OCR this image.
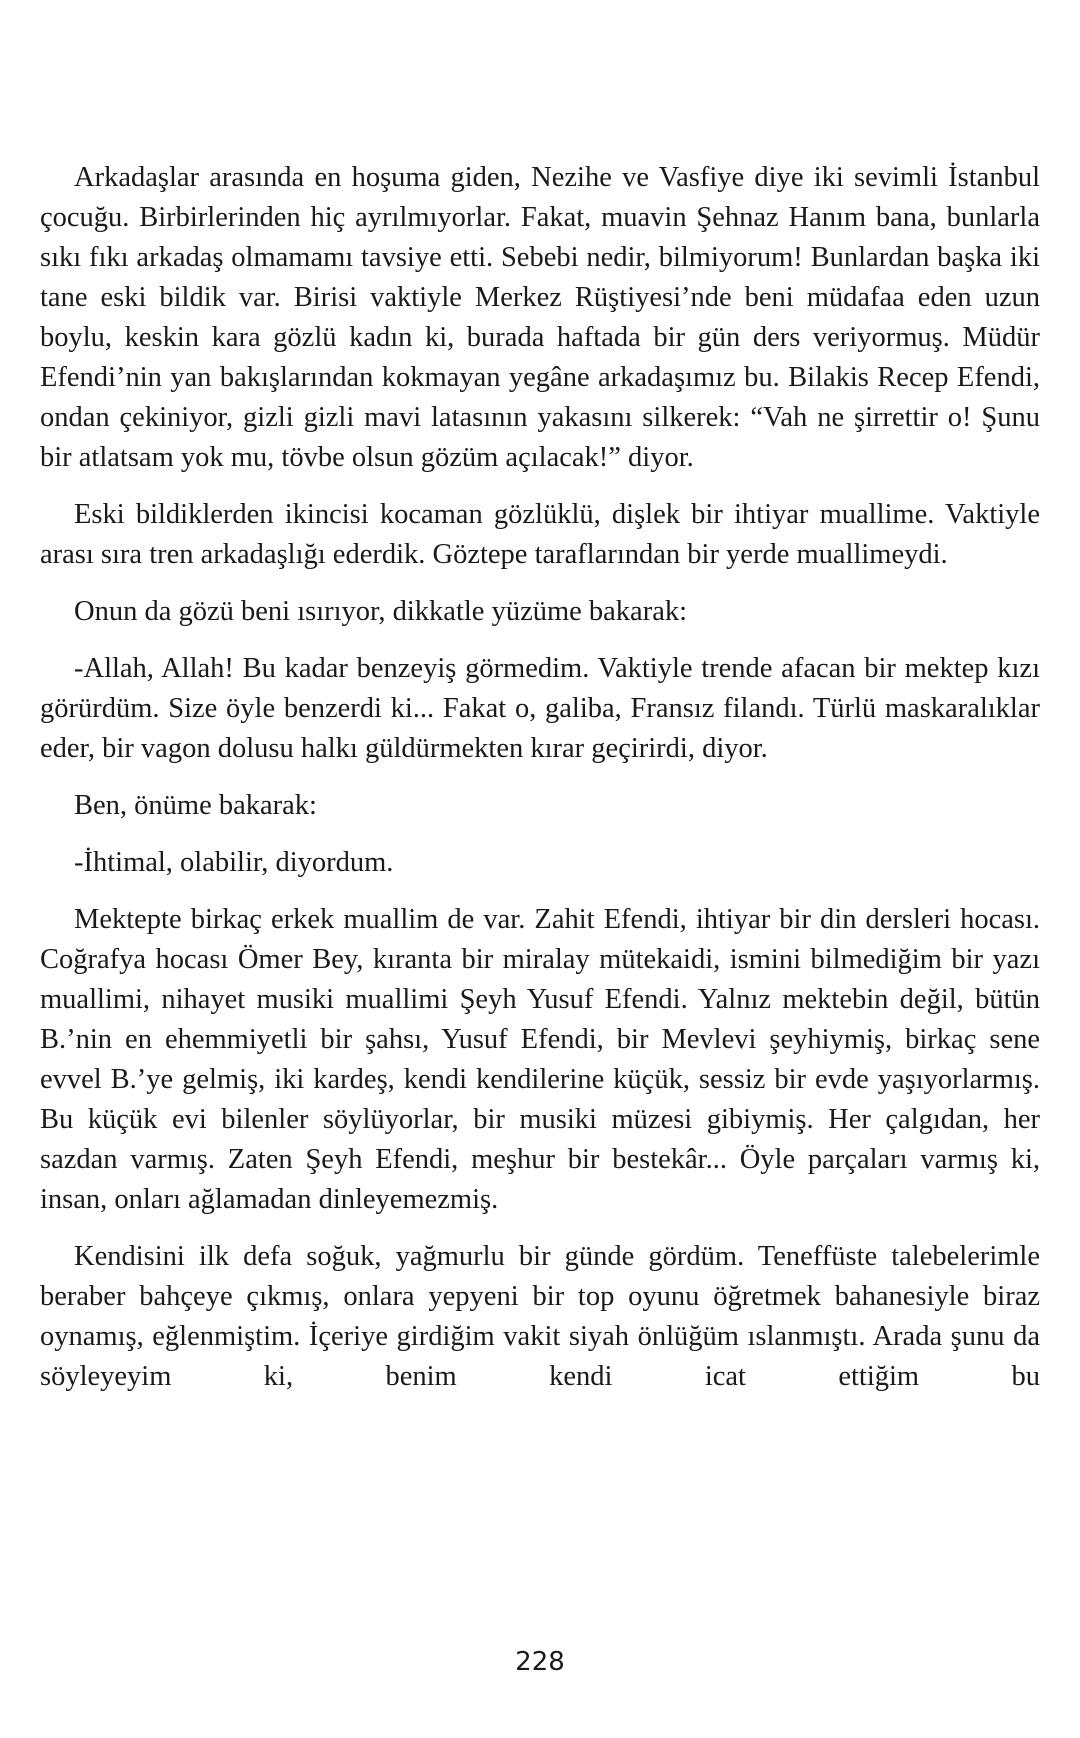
Arkadaşlar arasında en hoşuma giden, Nezihe ve Vasfiye diye iki sevimli İstanbul çocuğu. Birbirlerinden hiç ayrılmıyorlar. Fakat, muavin Şehnaz Hanım bana, bunlarla sıkı fıkı arkadaş olmamamı tavsiye etti. Sebebi nedir, bilmiyorum! Bunlardan başka iki tane eski bildik var. Birisi vaktiyle Merkez Rüştiyesi’nde beni müdafaa eden uzun boylu, keskin kara gözlü kadın ki, burada haftada bir gün ders veriyormuş. Müdür Efendi’nin yan bakışlarından kokmayan yegâne arkadaşımız bu. Bilakis Recep Efendi, ondan çekiniyor, gizli gizli mavi latasının yakasını silkerek: “Vah ne şirrettir o! Şunu bir atlatsam yok mu, tövbe olsun gözüm açılacak!” diyor.

Eski bildiklerden ikincisi kocaman gözlüklü, dişlek bir ihtiyar muallime. Vaktiyle arası sıra tren arkadaşlığı ederdik. Göztepe taraflarından bir yerde muallimeydi.

Onun da gözü beni ısırıyor, dikkatle yüzüme bakarak:

-Allah, Allah! Bu kadar benzeyiş görmedim. Vaktiyle trende afacan bir mektep kızı görürdüm. Size öyle benzerdi ki... Fakat o, galiba, Fransız filandı. Türlü maskaralıklar eder, bir vagon dolusu halkı güldürmekten kırar geçirirdi, diyor.

Ben, önüme bakarak:

-İhtimal, olabilir, diyordum.

Mektepte birkaç erkek muallim de var. Zahit Efendi, ihtiyar bir din dersleri hocası. Coğrafya hocası Ömer Bey, kıranta bir miralay mütekaidi, ismini bilmediğim bir yazı muallimi, nihayet musiki muallimi Şeyh Yusuf Efendi. Yalnız mektebin değil, bütün B.’nin en ehemmiyetli bir şahsı, Yusuf Efendi, bir Mevlevi şeyhiymiş, birkaç sene evvel B.’ye gelmiş, iki kardeş, kendi kendilerine küçük, sessiz bir evde yaşıyorlarmış. Bu küçük evi bilenler söylüyorlar, bir musiki müzesi gibiymiş. Her çalgıdan, her sazdan varmış. Zaten Şeyh Efendi, meşhur bir bestekâr... Öyle parçaları varmış ki, insan, onları ağlamadan dinleyemezmiş.

Kendisini ilk defa soğuk, yağmurlu bir günde gördüm. Teneffüste talebelerimle beraber bahçeye çıkmış, onlara yepyeni bir top oyunu öğretmek bahanesiyle biraz oynamış, eğlenmiştim. İçeriye girdiğim vakit siyah önlüğüm ıslanmıştı. Arada şunu da söyleyeyim ki, benim kendi icat ettiğim bu

228
